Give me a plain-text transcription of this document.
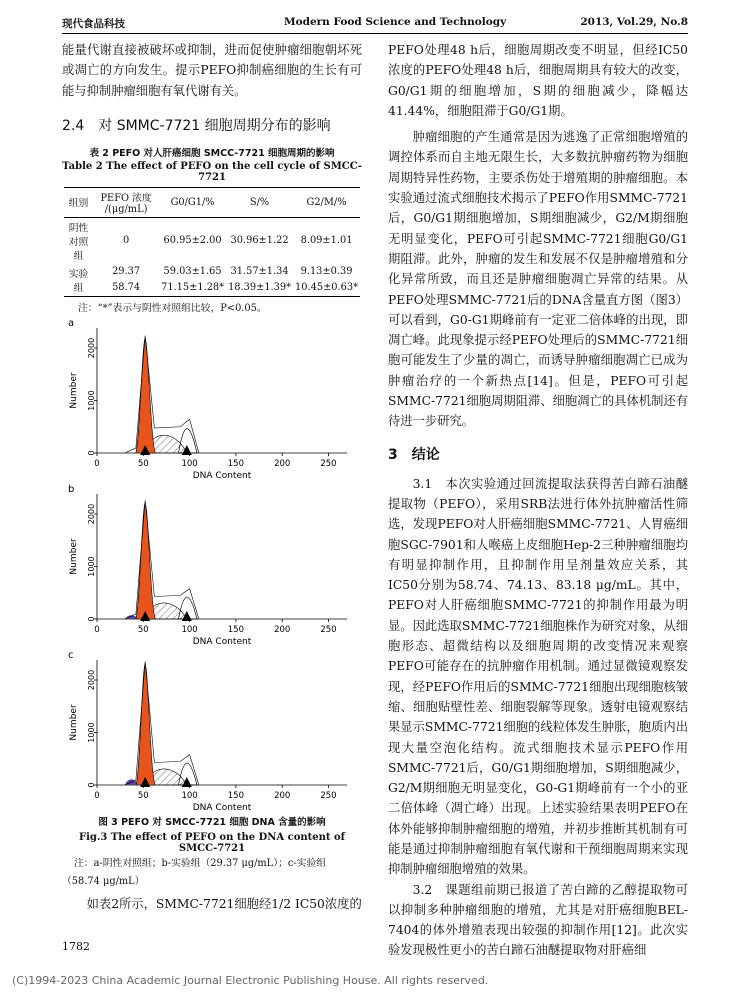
现代食品科技	Modern Food Science and Technology	2013, Vol.29, No.8

能量代谢直接被破坏或抑制，进而促使肿瘤细胞朝坏死或凋亡的方向发生。提示PEFO抑制癌细胞的生长有可能与抑制肿瘤细胞有氧代谢有关。

2.4　对 SMMC-7721 细胞周期分布的影响
表 2 PEFO 对人肝癌细胞 SMCC-7721 细胞周期的影响
Table 2 The effect of PEFO on the cell cycle of SMCC-7721
组别	PEFO 浓度 /(μg/mL)	G0/G1/%	S/%	G2/M/%
阴性对照组	0	60.95±2.00	30.96±1.22	8.09±1.01
实验组	29.37	59.03±1.65	31.57±1.34	9.13±0.39
	58.74	71.15±1.28*	18.39±1.39*	10.45±0.63*
注：“*”表示与阴性对照组比较，P<0.05。
a
0
1000
2000
0	50	100	150	200	250
Number
DNA Content
b
0
1000
2000
0	50	100	150	200	250
Number
DNA Content
c
0
1000
2000
0	50	100	150	200	250
Number
DNA Content
图 3 PEFO 对 SMCC-7721 细胞 DNA 含量的影响
Fig.3 The effect of PEFO on the DNA content of SMCC-7721
注：a-阴性对照组；b-实验组（29.37 μg/mL）；c-实验组
（58.74 μg/mL）

如表2所示，SMMC-7721细胞经1/2 IC50浓度的

PEFO处理48 h后，细胞周期改变不明显，但经IC50浓度的PEFO处理48 h后，细胞周期具有较大的改变，G0/G1期的细胞增加，S期的细胞减少，降幅达41.44%，细胞阻滞于G0/G1期。

肿瘤细胞的产生通常是因为逃逸了正常细胞增殖的调控体系而自主地无限生长，大多数抗肿瘤药物为细胞周期特异性药物，主要杀伤处于增殖期的肿瘤细胞。本实验通过流式细胞技术揭示了PEFO作用SMMC-7721后，G0/G1期细胞增加，S期细胞减少，G2/M期细胞无明显变化，PEFO可引起SMMC-7721细胞G0/G1期阻滞。此外，肿瘤的发生和发展不仅是肿瘤增殖和分化异常所致，而且还是肿瘤细胞凋亡异常的结果。从PEFO处理SMMC-7721后的DNA含量直方图（图3）可以看到，G0-G1期峰前有一定亚二倍体峰的出现，即凋亡峰。此现象提示经PEFO处理后的SMMC-7721细胞可能发生了少量的凋亡，而诱导肿瘤细胞凋亡已成为肿瘤治疗的一个新热点[14]。但是，PEFO可引起SMMC-7721细胞周期阻滞、细胞凋亡的具体机制还有待进一步研究。

3　结论

3.1　本次实验通过回流提取法获得苦白蹄石油醚提取物（PEFO），采用SRB法进行体外抗肿瘤活性筛选，发现PEFO对人肝癌细胞SMMC-7721、人胃癌细胞SGC-7901和人喉癌上皮细胞Hep-2三种肿瘤细胞均有明显抑制作用，且抑制作用呈剂量效应关系，其IC50分别为58.74、74.13、83.18 μg/mL。其中，PEFO对人肝癌细胞SMMC-7721的抑制作用最为明显。因此选取SMMC-7721细胞株作为研究对象，从细胞形态、超微结构以及细胞周期的改变情况来观察PEFO可能存在的抗肿瘤作用机制。通过显微镜观察发现，经PEFO作用后的SMMC-7721细胞出现细胞核皱缩、细胞贴壁性差、细胞裂解等现象。透射电镜观察结果显示SMMC-7721细胞的线粒体发生肿胀，胞质内出现大量空泡化结构。流式细胞技术显示PEFO作用SMMC-7721后，G0/G1期细胞增加，S期细胞减少，G2/M期细胞无明显变化，G0-G1期峰前有一个小的亚二倍体峰（凋亡峰）出现。上述实验结果表明PEFO在体外能够抑制肿瘤细胞的增殖，并初步推断其机制有可能是通过抑制肿瘤细胞有氧代谢和干预细胞周期来实现抑制肿瘤细胞增殖的效果。

3.2　课题组前期已报道了苦白蹄的乙醇提取物可以抑制多种肿瘤细胞的增殖，尤其是对肝癌细胞BEL-7404的体外增殖表现出较强的抑制作用[12]。此次实验发现极性更小的苦白蹄石油醚提取物对肝癌细

1782
(C)1994-2023 China Academic Journal Electronic Publishing House. All rights reserved.
